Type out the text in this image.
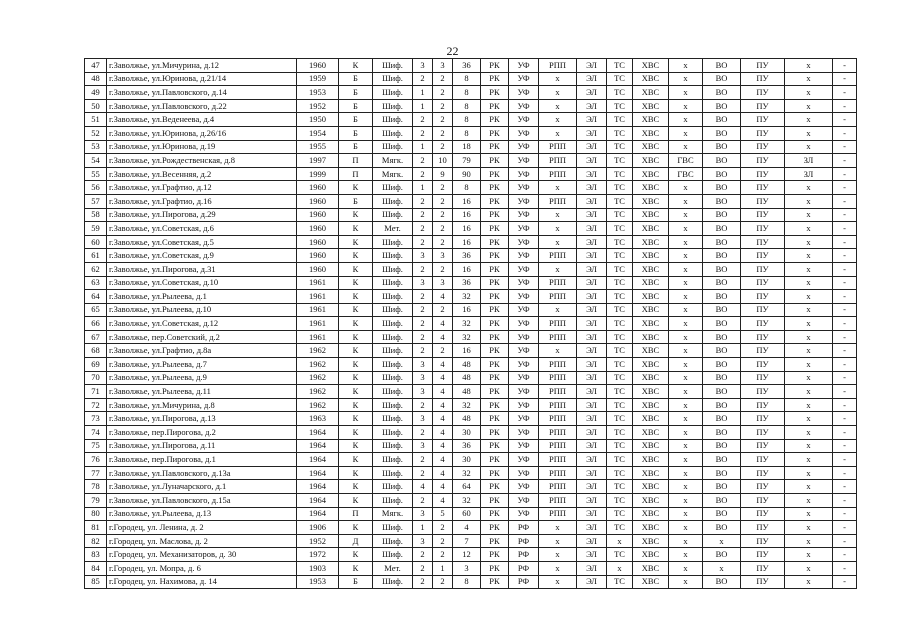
22
47	г.Заволжье, ул.Мичурина, д.12	1960	К	Шиф.	3	3	36	РК	УФ	РПП	ЭЛ	ТС	ХВС	х	ВО	ПУ	х	-
48	г.Заволжье, ул.Юринова, д.21/14	1959	Б	Шиф.	2	2	8	РК	УФ	х	ЭЛ	ТС	ХВС	х	ВО	ПУ	х	-
49	г.Заволжье, ул.Павловского, д.14	1953	Б	Шиф.	1	2	8	РК	УФ	х	ЭЛ	ТС	ХВС	х	ВО	ПУ	х	-
50	г.Заволжье, ул.Павловского, д.22	1952	Б	Шиф.	1	2	8	РК	УФ	х	ЭЛ	ТС	ХВС	х	ВО	ПУ	х	-
51	г.Заволжье, ул.Веденеева, д.4	1950	Б	Шиф.	2	2	8	РК	УФ	х	ЭЛ	ТС	ХВС	х	ВО	ПУ	х	-
52	г.Заволжье, ул.Юринова, д.26/16	1954	Б	Шиф.	2	2	8	РК	УФ	х	ЭЛ	ТС	ХВС	х	ВО	ПУ	х	-
53	г.Заволжье, ул.Юринова, д.19	1955	Б	Шиф.	1	2	18	РК	УФ	РПП	ЭЛ	ТС	ХВС	х	ВО	ПУ	х	-
54	г.Заволжье, ул.Рождественская, д.8	1997	П	Мягк.	2	10	79	РК	УФ	РПП	ЭЛ	ТС	ХВС	ГВС	ВО	ПУ	ЗЛ	-
55	г.Заволжье, ул.Весенняя, д.2	1999	П	Мягк.	2	9	90	РК	УФ	РПП	ЭЛ	ТС	ХВС	ГВС	ВО	ПУ	ЗЛ	-
56	г.Заволжье, ул.Графтио, д.12	1960	К	Шиф.	1	2	8	РК	УФ	х	ЭЛ	ТС	ХВС	х	ВО	ПУ	х	-
57	г.Заволжье, ул.Графтио, д.16	1960	Б	Шиф.	2	2	16	РК	УФ	РПП	ЭЛ	ТС	ХВС	х	ВО	ПУ	х	-
58	г.Заволжье, ул.Пирогова, д.29	1960	К	Шиф.	2	2	16	РК	УФ	х	ЭЛ	ТС	ХВС	х	ВО	ПУ	х	-
59	г.Заволжье, ул.Советская, д.6	1960	К	Мет.	2	2	16	РК	УФ	х	ЭЛ	ТС	ХВС	х	ВО	ПУ	х	-
60	г.Заволжье, ул.Советская, д.5	1960	К	Шиф.	2	2	16	РК	УФ	х	ЭЛ	ТС	ХВС	х	ВО	ПУ	х	-
61	г.Заволжье, ул.Советская, д.9	1960	К	Шиф.	3	3	36	РК	УФ	РПП	ЭЛ	ТС	ХВС	х	ВО	ПУ	х	-
62	г.Заволжье, ул.Пирогова, д.31	1960	К	Шиф.	2	2	16	РК	УФ	х	ЭЛ	ТС	ХВС	х	ВО	ПУ	х	-
63	г.Заволжье, ул.Советская, д.10	1961	К	Шиф.	3	3	36	РК	УФ	РПП	ЭЛ	ТС	ХВС	х	ВО	ПУ	х	-
64	г.Заволжье, ул.Рылеева, д.1	1961	К	Шиф.	2	4	32	РК	УФ	РПП	ЭЛ	ТС	ХВС	х	ВО	ПУ	х	-
65	г.Заволжье, ул.Рылеева, д.10	1961	К	Шиф.	2	2	16	РК	УФ	х	ЭЛ	ТС	ХВС	х	ВО	ПУ	х	-
66	г.Заволжье, ул.Советская, д.12	1961	К	Шиф.	2	4	32	РК	УФ	РПП	ЭЛ	ТС	ХВС	х	ВО	ПУ	х	-
67	г.Заволжье, пер.Советский, д.2	1961	К	Шиф.	2	4	32	РК	УФ	РПП	ЭЛ	ТС	ХВС	х	ВО	ПУ	х	-
68	г.Заволжье, ул.Графтио, д.8а	1962	К	Шиф.	2	2	16	РК	УФ	х	ЭЛ	ТС	ХВС	х	ВО	ПУ	х	-
69	г.Заволжье, ул.Рылеева, д.7	1962	К	Шиф.	3	4	48	РК	УФ	РПП	ЭЛ	ТС	ХВС	х	ВО	ПУ	х	-
70	г.Заволжье, ул.Рылеева, д.9	1962	К	Шиф.	3	4	48	РК	УФ	РПП	ЭЛ	ТС	ХВС	х	ВО	ПУ	х	-
71	г.Заволжье, ул.Рылеева, д.11	1962	К	Шиф.	3	4	48	РК	УФ	РПП	ЭЛ	ТС	ХВС	х	ВО	ПУ	х	-
72	г.Заволжье, ул.Мичурина, д.8	1962	К	Шиф.	2	4	32	РК	УФ	РПП	ЭЛ	ТС	ХВС	х	ВО	ПУ	х	-
73	г.Заволжье, ул.Пирогова, д.13	1963	К	Шиф.	3	4	48	РК	УФ	РПП	ЭЛ	ТС	ХВС	х	ВО	ПУ	х	-
74	г.Заволжье, пер.Пирогова, д.2	1964	К	Шиф.	2	4	30	РК	УФ	РПП	ЭЛ	ТС	ХВС	х	ВО	ПУ	х	-
75	г.Заволжье, ул.Пирогова, д.11	1964	К	Шиф.	3	4	36	РК	УФ	РПП	ЭЛ	ТС	ХВС	х	ВО	ПУ	х	-
76	г.Заволжье, пер.Пирогова, д.1	1964	К	Шиф.	2	4	30	РК	УФ	РПП	ЭЛ	ТС	ХВС	х	ВО	ПУ	х	-
77	г.Заволжье, ул.Павловского, д.13а	1964	К	Шиф.	2	4	32	РК	УФ	РПП	ЭЛ	ТС	ХВС	х	ВО	ПУ	х	-
78	г.Заволжье, ул.Луначарского, д.1	1964	К	Шиф.	4	4	64	РК	УФ	РПП	ЭЛ	ТС	ХВС	х	ВО	ПУ	х	-
79	г.Заволжье, ул.Павловского, д.15а	1964	К	Шиф.	2	4	32	РК	УФ	РПП	ЭЛ	ТС	ХВС	х	ВО	ПУ	х	-
80	г.Заволжье, ул.Рылеева, д.13	1964	П	Мягк.	3	5	60	РК	УФ	РПП	ЭЛ	ТС	ХВС	х	ВО	ПУ	х	-
81	г.Городец, ул. Ленина, д. 2	1906	К	Шиф.	1	2	4	РК	РФ	х	ЭЛ	ТС	ХВС	х	ВО	ПУ	х	-
82	г.Городец, ул. Маслова, д. 2	1952	Д	Шиф.	3	2	7	РК	РФ	х	ЭЛ	х	ХВС	х	х	ПУ	х	-
83	г.Городец, ул. Механизаторов, д. 30	1972	К	Шиф.	2	2	12	РК	РФ	х	ЭЛ	ТС	ХВС	х	ВО	ПУ	х	-
84	г.Городец, ул. Мопра, д. 6	1903	К	Мет.	2	1	3	РК	РФ	х	ЭЛ	х	ХВС	х	х	ПУ	х	-
85	г.Городец, ул. Нахимова, д. 14	1953	Б	Шиф.	2	2	8	РК	РФ	х	ЭЛ	ТС	ХВС	х	ВО	ПУ	х	-
